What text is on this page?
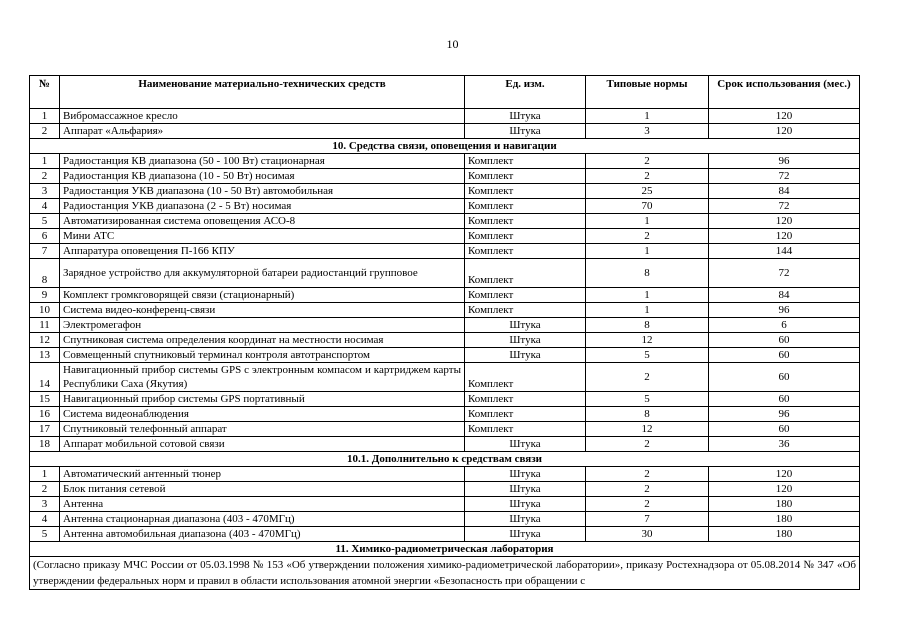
10
№	Наименование материально-технических средств	Ед. изм.	Типовые нормы	Срок использования (мес.)
1	Вибромассажное кресло	Штука	1	120
2	Аппарат «Альфария»	Штука	3	120
10. Средства связи, оповещения и навигации				
1	Радиостанция КВ диапазона (50 - 100 Вт) стационарная	Комплект	2	96
2	Радиостанция КВ диапазона (10 - 50 Вт) носимая	Комплект	2	72
3	Радиостанция УКВ диапазона (10 - 50 Вт) автомобильная	Комплект	25	84
4	Радиостанция УКВ диапазона (2 - 5 Вт) носимая	Комплект	70	72
5	Автоматизированная система оповещения АСО-8	Комплект	1	120
6	Мини АТС	Комплект	2	120
7	Аппаратура оповещения П-166 КПУ	Комплект	1	144
8	Зарядное устройство для аккумуляторной батареи радиостанций групповое	Комплект	8	72
9	Комплект громкговорящей связи (стационарный)	Комплект	1	84
10	Система видео-конференц-связи	Комплект	1	96
11	Электромегафон	Штука	8	6
12	Спутниковая система определения координат на местности носимая	Штука	12	60
13	Совмещенный спутниковый терминал контроля автотранспортом	Штука	5	60
14	Навигационный прибор системы GPS с электронным компасом и картриджем карты Республики Саха (Якутия)	Комплект	2	60
15	Навигационный прибор системы GPS портативный	Комплект	5	60
16	Система видеонаблюдения	Комплект	8	96
17	Спутниковый телефонный аппарат	Комплект	12	60
18	Аппарат мобильной сотовой связи	Штука	2	36
10.1. Дополнительно к средствам связи				
1	Автоматический антенный тюнер	Штука	2	120
2	Блок питания сетевой	Штука	2	120
3	Антенна	Штука	2	180
4	Антенна стационарная диапазона (403 - 470МГц)	Штука	7	180
5	Антенна автомобильная диапазона (403 - 470МГц)	Штука	30	180
11. Химико-радиометрическая лаборатория				
(Согласно приказу МЧС России от 05.03.1998 № 153 «Об утверждении положения химико-радиометрической лаборатории», приказу Ростехнадзора от 05.08.2014 № 347 «Об утверждении федеральных норм и правил в области использования атомной энергии «Безопасность при обращении с				
